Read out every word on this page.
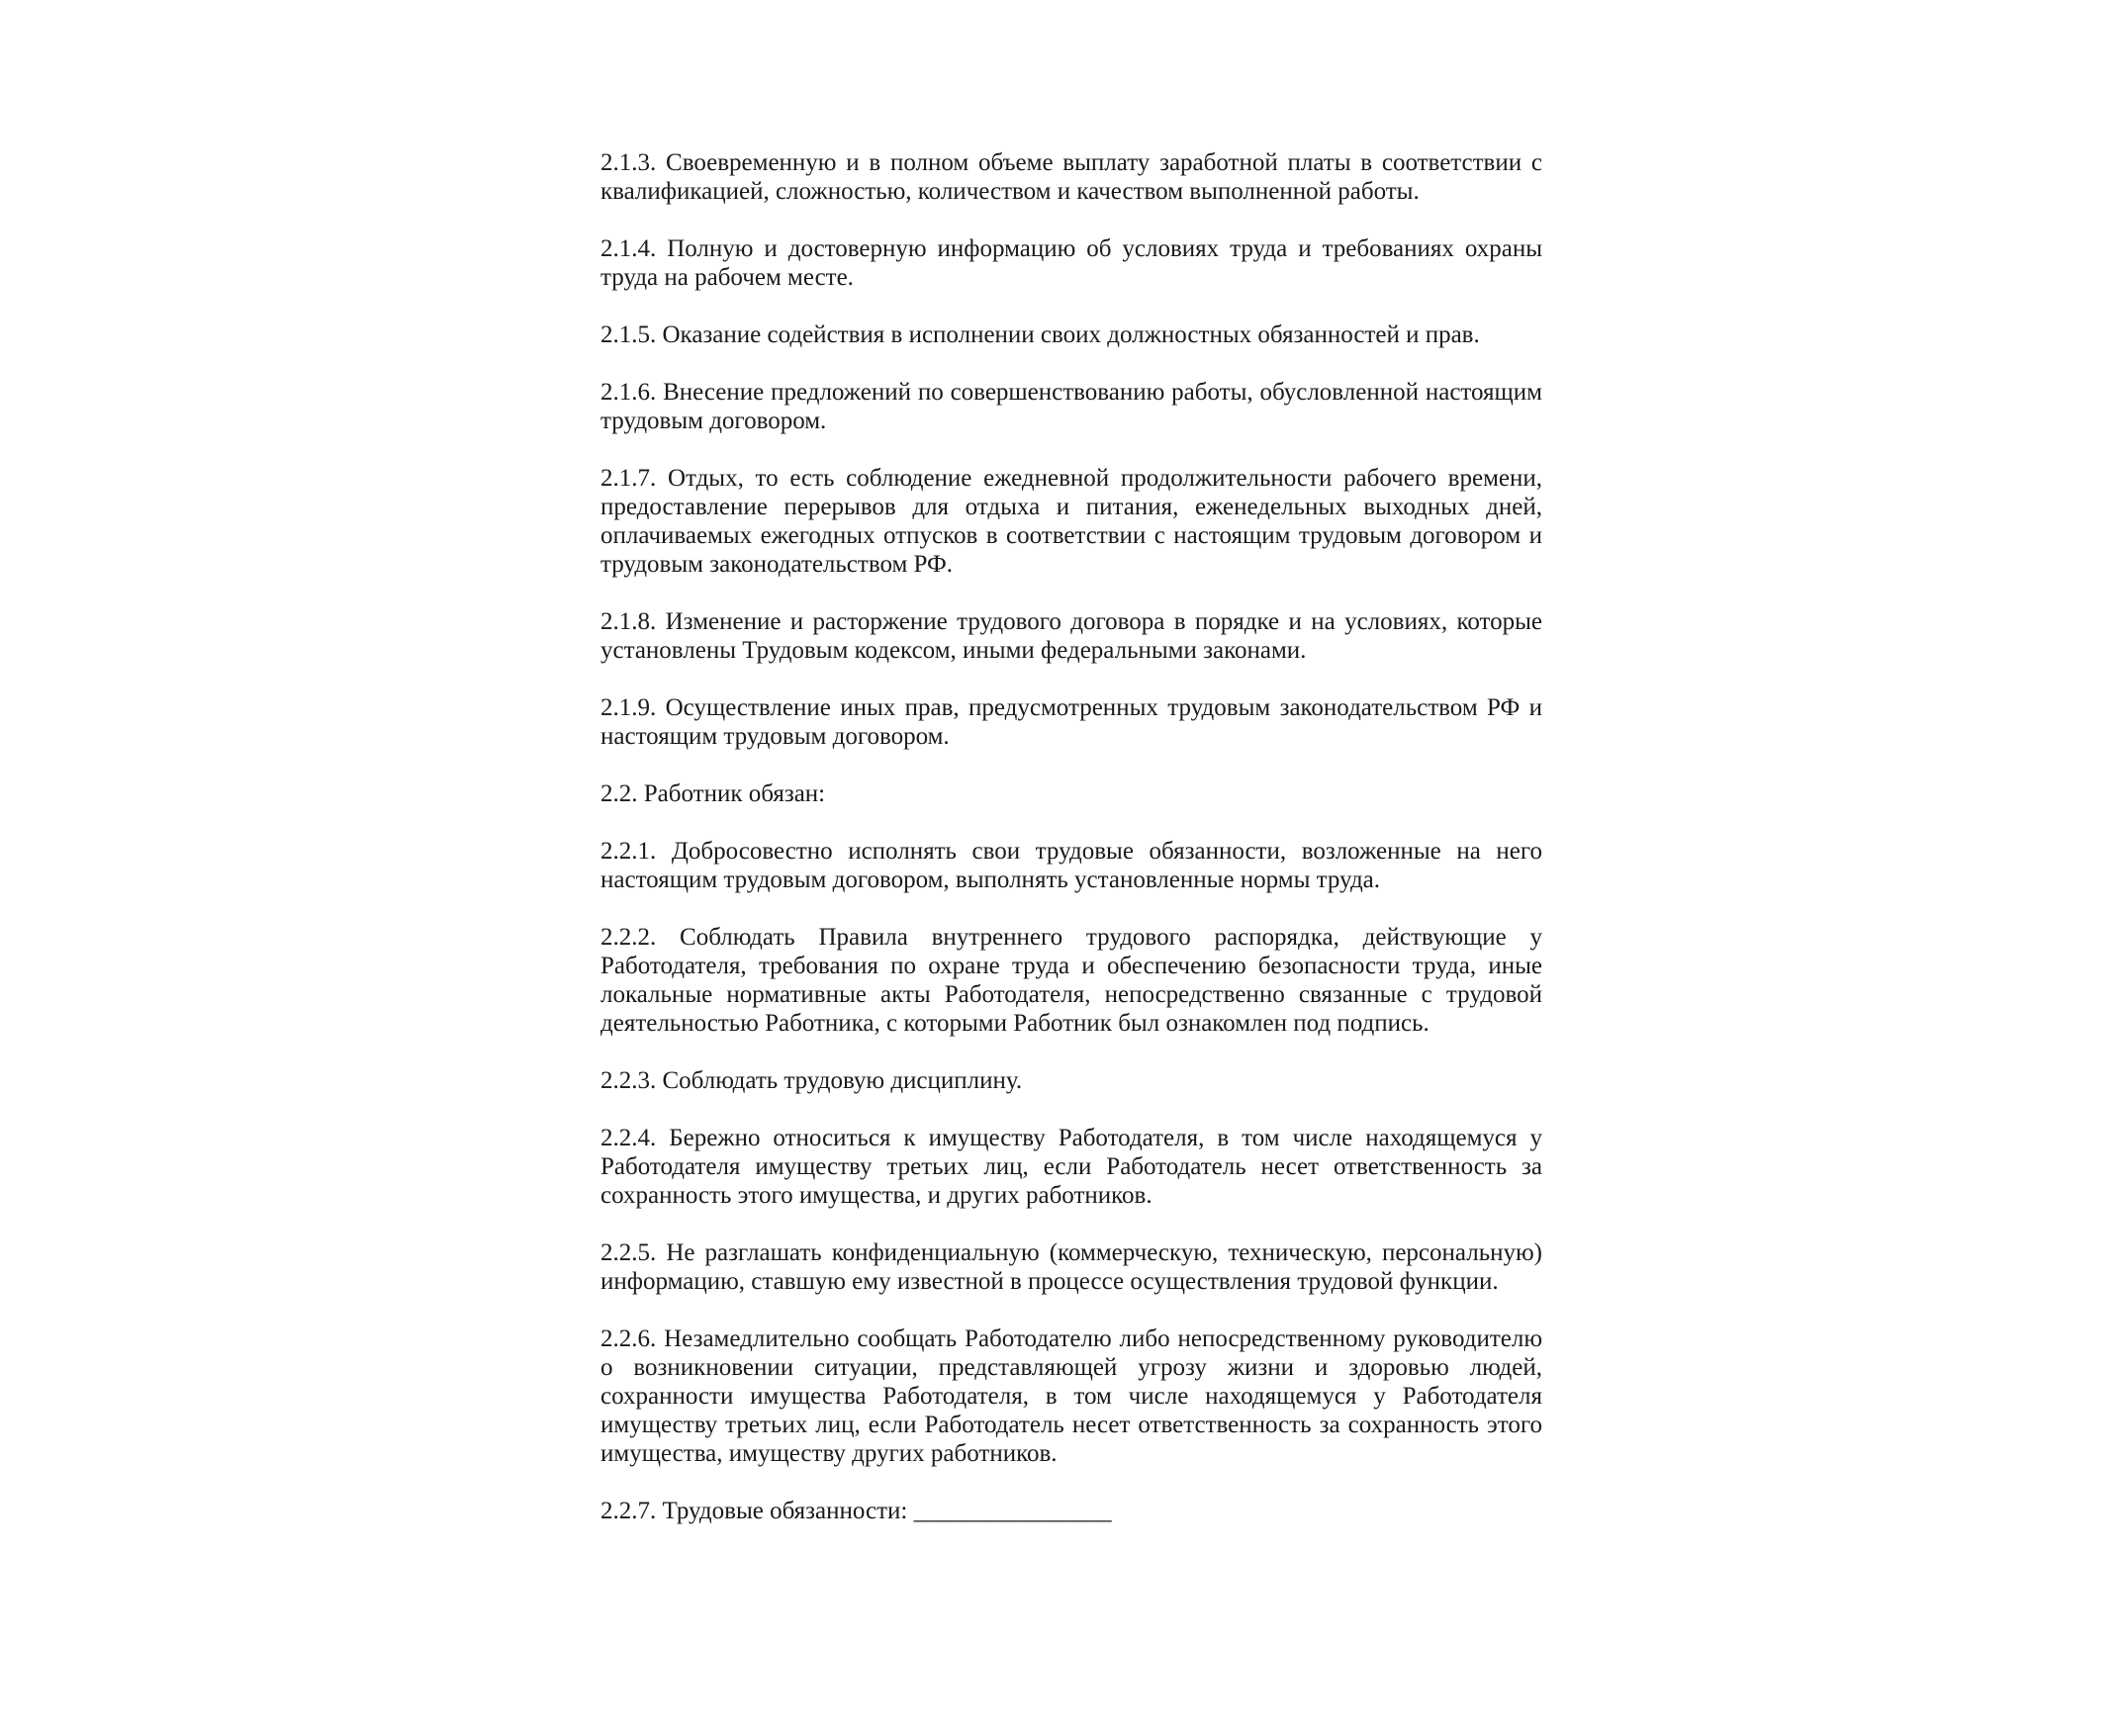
2.1.3. Своевременную и в полном объеме выплату заработной платы в соответствии с квалификацией, сложностью, количеством и качеством выполненной работы.

2.1.4. Полную и достоверную информацию об условиях труда и требованиях охраны труда на рабочем месте.

2.1.5. Оказание содействия в исполнении своих должностных обязанностей и прав.

2.1.6. Внесение предложений по совершенствованию работы, обусловленной настоящим трудовым договором.

2.1.7. Отдых, то есть соблюдение ежедневной продолжительности рабочего времени, предоставление перерывов для отдыха и питания, еженедельных выходных дней, оплачиваемых ежегодных отпусков в соответствии с настоящим трудовым договором и трудовым законодательством РФ.

2.1.8. Изменение и расторжение трудового договора в порядке и на условиях, которые установлены Трудовым кодексом, иными федеральными законами.

2.1.9. Осуществление иных прав, предусмотренных трудовым законодательством РФ и настоящим трудовым договором.

2.2. Работник обязан:

2.2.1. Добросовестно исполнять свои трудовые обязанности, возложенные на него настоящим трудовым договором, выполнять установленные нормы труда.

2.2.2. Соблюдать Правила внутреннего трудового распорядка, действующие у Работодателя, требования по охране труда и обеспечению безопасности труда, иные локальные нормативные акты Работодателя, непосредственно связанные с трудовой деятельностью Работника, с которыми Работник был ознакомлен под подпись.

2.2.3. Соблюдать трудовую дисциплину.

2.2.4. Бережно относиться к имуществу Работодателя, в том числе находящемуся у Работодателя имуществу третьих лиц, если Работодатель несет ответственность за сохранность этого имущества, и других работников.

2.2.5. Не разглашать конфиденциальную (коммерческую, техническую, персональную) информацию, ставшую ему известной в процессе осуществления трудовой функции.

2.2.6. Незамедлительно сообщать Работодателю либо непосредственному руководителю о возникновении ситуации, представляющей угрозу жизни и здоровью людей, сохранности имущества Работодателя, в том числе находящемуся у Работодателя имуществу третьих лиц, если Работодатель несет ответственность за сохранность этого имущества, имуществу других работников.

2.2.7. Трудовые обязанности: ________________
